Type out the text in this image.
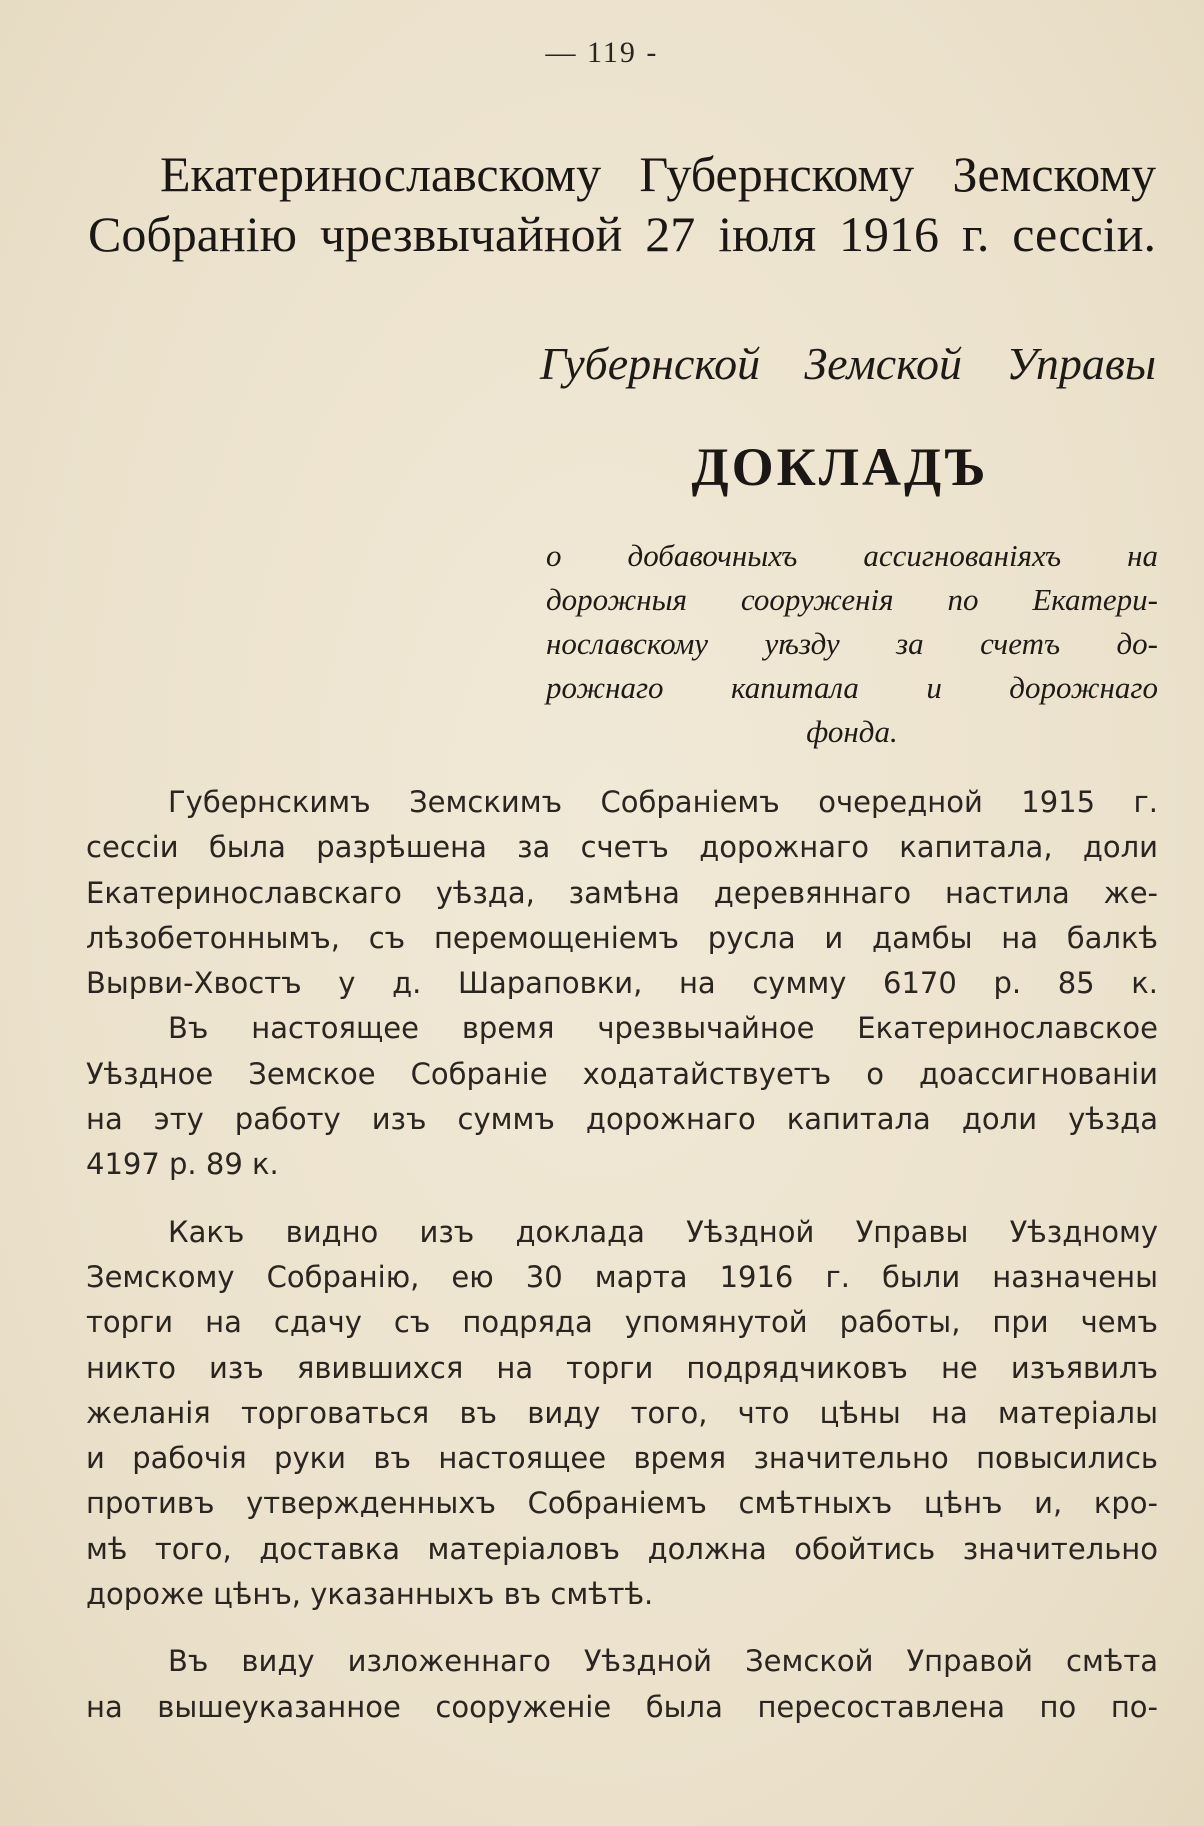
— 119 -
Екатеринославскому Губернскому Земскому
Собранію чрезвычайной 27 іюля 1916 г. сессіи.
Губернской Земской Управы
ДОКЛАДЪ
о добавочныхъ ассигнованіяхъ на
дорожныя сооруженія по Екатери-
нославскому уѣзду за счетъ до-
рожнаго капитала и дорожнаго
фонда.
Губернскимъ Земскимъ Собраніемъ очередной 1915 г.
сессіи была разрѣшена за счетъ дорожнаго капитала, доли
Екатеринославскаго уѣзда, замѣна деревяннаго настила же-
лѣзобетоннымъ, съ перемощеніемъ русла и дамбы на балкѣ
Вырви-Хвостъ у д. Шараповки, на сумму 6170 р. 85 к.
Въ настоящее время чрезвычайное Екатеринославское
Уѣздное Земское Собраніе ходатайствуетъ о доассигнованіи
на эту работу изъ суммъ дорожнаго капитала доли уѣзда
4197 р. 89 к.
Какъ видно изъ доклада Уѣздной Управы Уѣздному
Земскому Собранію, ею 30 марта 1916 г. были назначены
торги на сдачу съ подряда упомянутой работы, при чемъ
никто изъ явившихся на торги подрядчиковъ не изъявилъ
желанія торговаться въ виду того, что цѣны на матеріалы
и рабочія руки въ настоящее время значительно повысились
противъ утвержденныхъ Собраніемъ смѣтныхъ цѣнъ и, кро-
мѣ того, доставка матеріаловъ должна обойтись значительно
дороже цѣнъ, указанныхъ въ смѣтѣ.
Въ виду изложеннаго Уѣздной Земской Управой смѣта
на вышеуказанное сооруженіе была пересоставлена по по-
